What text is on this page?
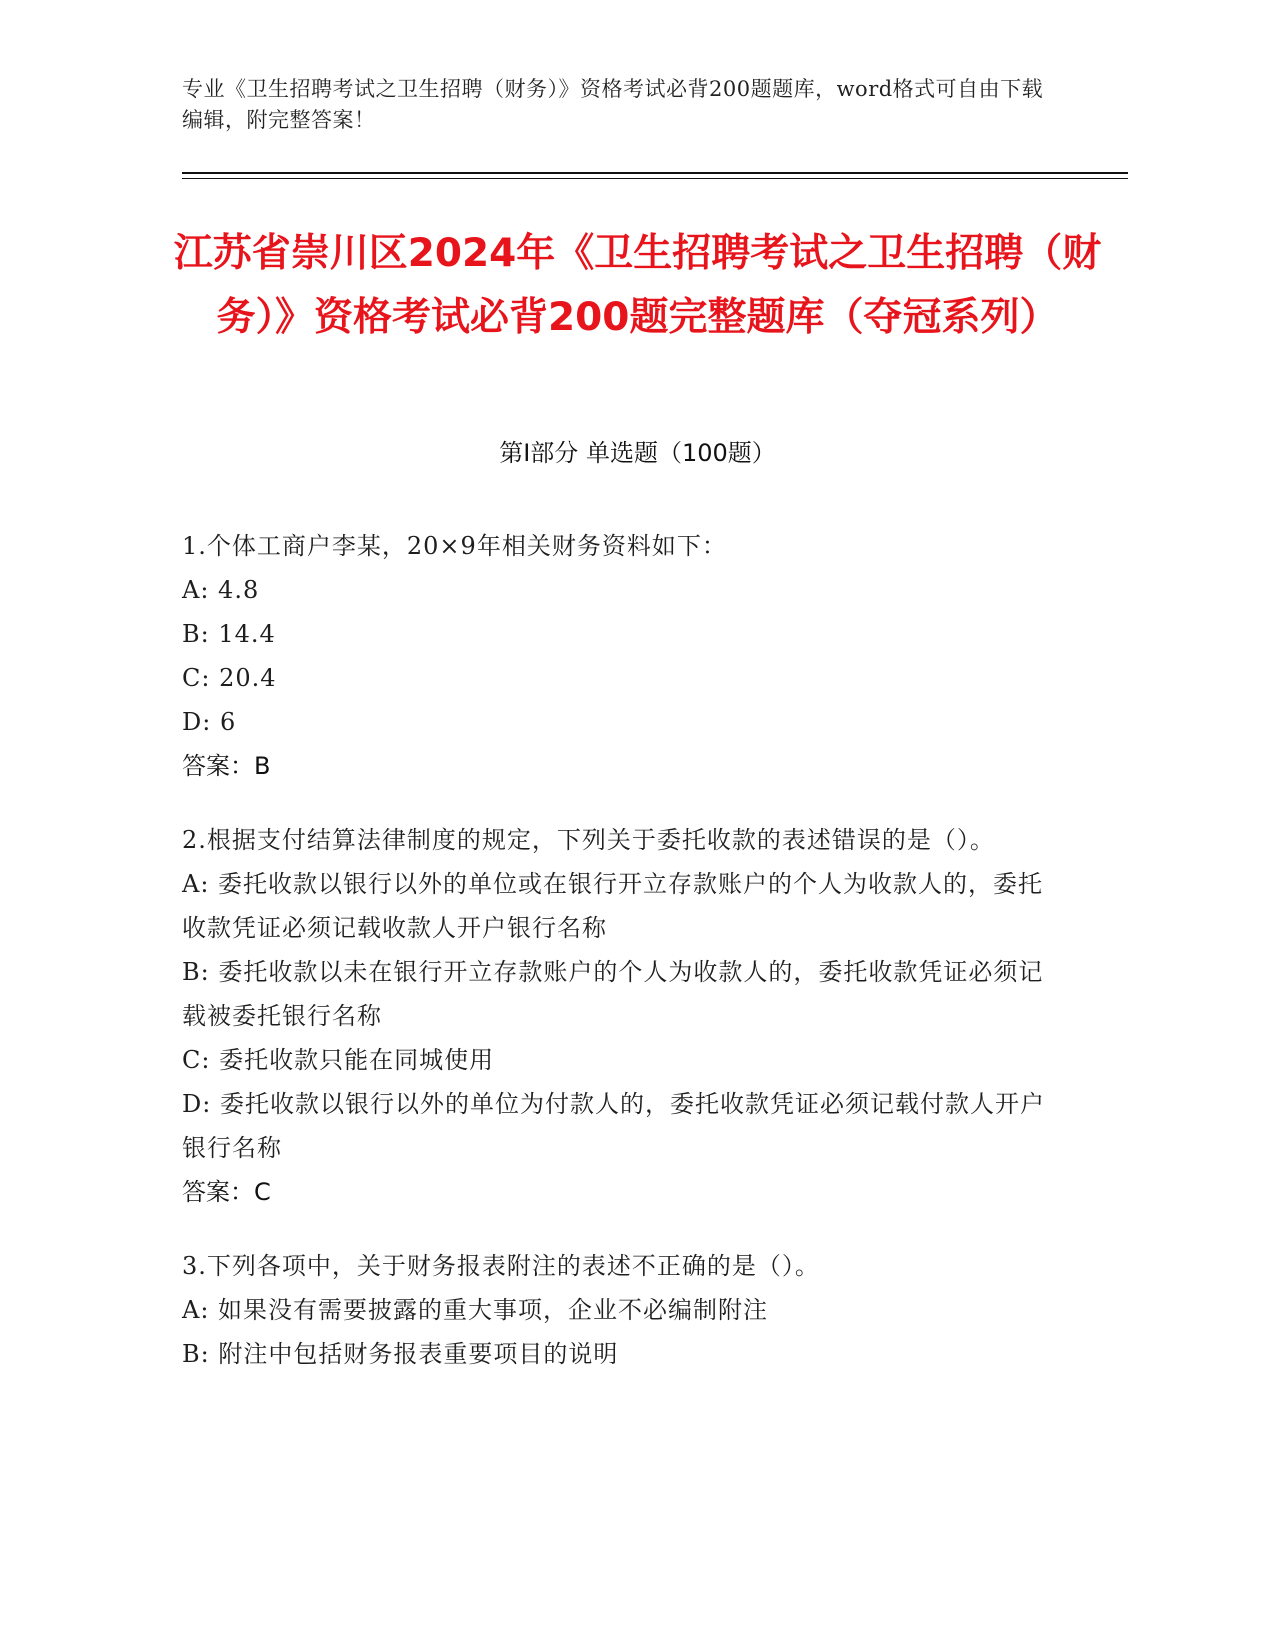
专业《卫生招聘考试之卫生招聘（财务）》资格考试必背200题题库，word格式可自由下载编辑，附完整答案！
江苏省崇川区2024年《卫生招聘考试之卫生招聘（财务）》资格考试必背200题完整题库（夺冠系列）
第I部分 单选题（100题）

1.个体工商户李某，20×9年相关财务资料如下：

A: 4.8

B: 14.4

C: 20.4

D: 6

答案：B

2.根据支付结算法律制度的规定，下列关于委托收款的表述错误的是（）。

A: 委托收款以银行以外的单位或在银行开立存款账户的个人为收款人的，委托收款凭证必须记载收款人开户银行名称

B: 委托收款以未在银行开立存款账户的个人为收款人的，委托收款凭证必须记载被委托银行名称

C: 委托收款只能在同城使用

D: 委托收款以银行以外的单位为付款人的，委托收款凭证必须记载付款人开户银行名称

答案：C

3.下列各项中，关于财务报表附注的表述不正确的是（）。

A: 如果没有需要披露的重大事项，企业不必编制附注

B: 附注中包括财务报表重要项目的说明
